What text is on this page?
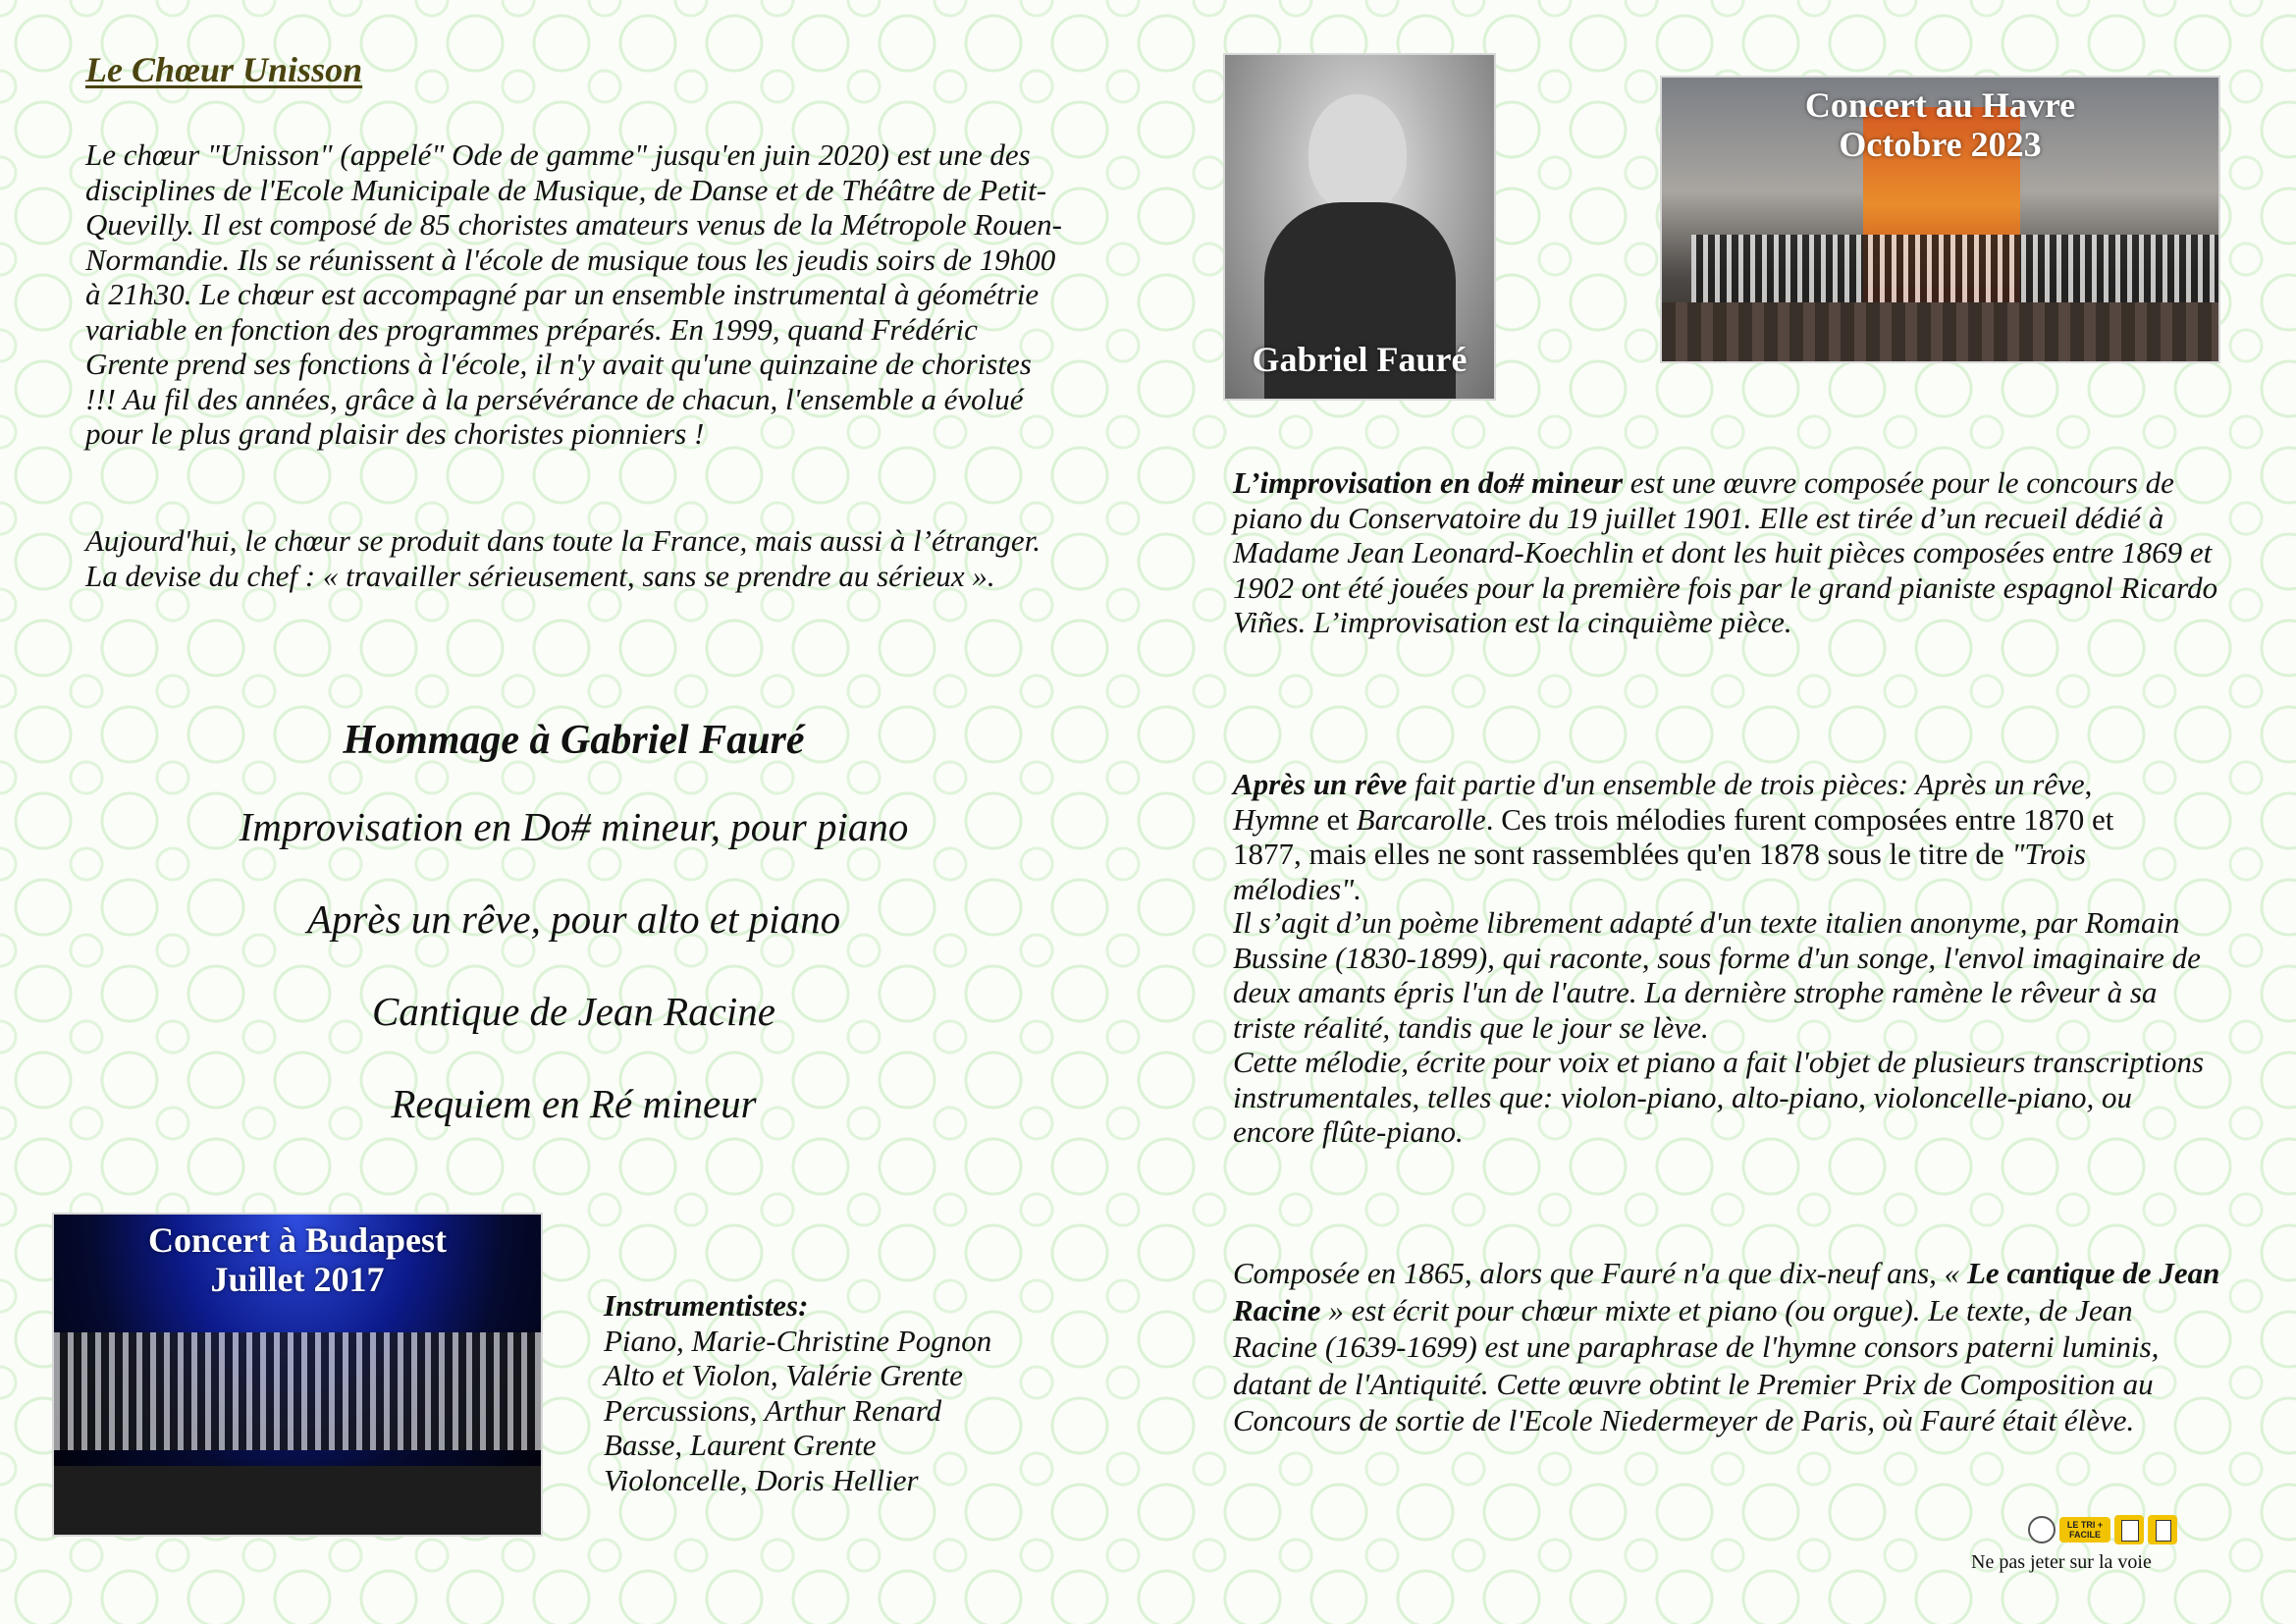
Le Chœur Unisson
Le chœur "Unisson" (appelé" Ode de gamme" jusqu'en juin 2020) est une des disciplines de l'Ecole Municipale de Musique, de Danse et de Théâtre de Petit-Quevilly. Il est composé de 85 choristes amateurs venus de la Métropole Rouen-Normandie. Ils se réunissent à l'école de musique tous les jeudis soirs de 19h00 à 21h30. Le chœur est accompagné par un ensemble instrumental à géométrie variable en fonction des programmes préparés. En 1999, quand Frédéric Grente prend ses fonctions à l'école, il n'y avait qu'une quinzaine de choristes !!! Au fil des années, grâce à la persévérance de chacun, l'ensemble a évolué pour le plus grand plaisir des choristes pionniers !
Aujourd'hui, le chœur se produit dans toute la France, mais aussi à l’étranger. La devise du chef : « travailler sérieusement, sans se prendre au sérieux ».
Hommage à Gabriel Fauré
Improvisation en Do# mineur, pour piano
Après un rêve, pour alto et piano
Cantique de Jean Racine
Requiem en Ré mineur
Concert à Budapest
Juillet 2017
Instrumentistes:
Piano, Marie-Christine Pognon
Alto et Violon, Valérie Grente
Percussions, Arthur Renard
Basse, Laurent Grente
Violoncelle, Doris Hellier
Gabriel Fauré
Concert au Havre
Octobre 2023
L’improvisation en do# mineur est une œuvre composée pour le concours de piano du Conservatoire du 19 juillet 1901. Elle est tirée d’un recueil dédié à Madame Jean Leonard-Koechlin et dont les huit pièces composées entre 1869 et 1902 ont été jouées pour la première fois par le grand pianiste espagnol Ricardo Viñes. L’improvisation est la cinquième pièce.
Après un rêve fait partie d'un ensemble de trois pièces: Après un rêve, Hymne et Barcarolle. Ces trois mélodies furent composées entre 1870 et 1877, mais elles ne sont rassemblées qu'en 1878 sous le titre de "Trois mélodies".
Il s’agit d’un poème librement adapté d'un texte italien anonyme, par Romain Bussine (1830-1899), qui raconte, sous forme d'un songe, l'envol imaginaire de deux amants épris l'un de l'autre. La dernière strophe ramène le rêveur à sa triste réalité, tandis que le jour se lève.
Cette mélodie, écrite pour voix et piano a fait l'objet de plusieurs transcriptions instrumentales, telles que: violon-piano, alto-piano, violoncelle-piano, ou encore flûte-piano.
Composée en 1865, alors que Fauré n'a que dix-neuf ans, « Le cantique de Jean Racine » est écrit pour chœur mixte et piano (ou orgue). Le texte, de Jean Racine (1639-1699) est une paraphrase de l'hymne consors paterni luminis, datant de l'Antiquité. Cette œuvre obtint le Premier Prix de Composition au Concours de sortie de l'Ecole Niedermeyer de Paris, où Fauré était élève.
LE TRI + FACILE
Ne pas jeter sur la voie
